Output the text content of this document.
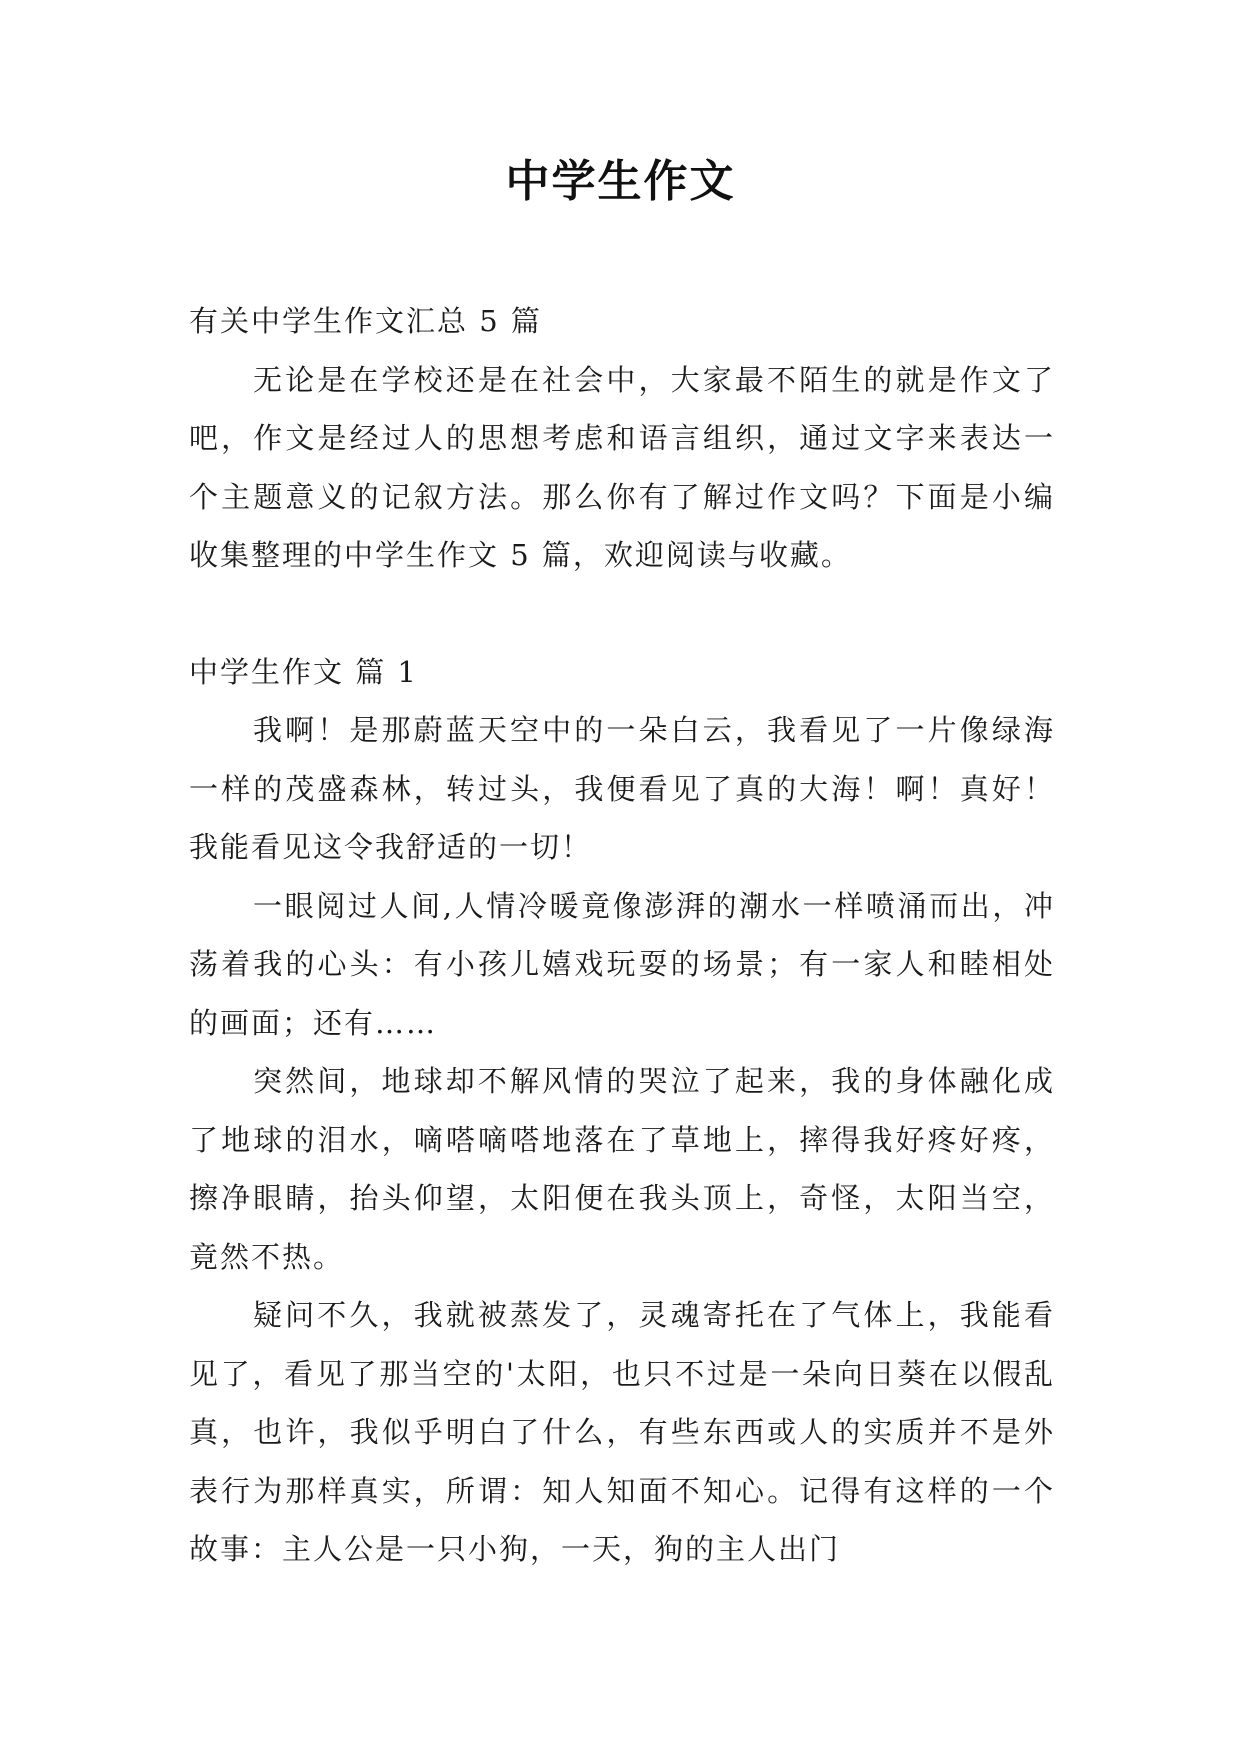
中学生作文

有关中学生作文汇总 5 篇

无论是在学校还是在社会中，大家最不陌生的就是作文了吧，作文是经过人的思想考虑和语言组织，通过文字来表达一个主题意义的记叙方法。那么你有了解过作文吗？下面是小编收集整理的中学生作文 5 篇，欢迎阅读与收藏。

中学生作文 篇 1

我啊！是那蔚蓝天空中的一朵白云，我看见了一片像绿海一样的茂盛森林，转过头，我便看见了真的大海！啊！真好！我能看见这令我舒适的一切！

一眼阅过人间,人情冷暖竟像澎湃的潮水一样喷涌而出，冲荡着我的心头：有小孩儿嬉戏玩耍的场景；有一家人和睦相处的画面；还有……

突然间，地球却不解风情的哭泣了起来，我的身体融化成了地球的泪水，嘀嗒嘀嗒地落在了草地上，摔得我好疼好疼，擦净眼睛，抬头仰望，太阳便在我头顶上，奇怪，太阳当空，竟然不热。

疑问不久，我就被蒸发了，灵魂寄托在了气体上，我能看见了，看见了那当空的'太阳，也只不过是一朵向日葵在以假乱真，也许，我似乎明白了什么，有些东西或人的实质并不是外表行为那样真实，所谓：知人知面不知心。记得有这样的一个故事：主人公是一只小狗，一天，狗的主人出门
